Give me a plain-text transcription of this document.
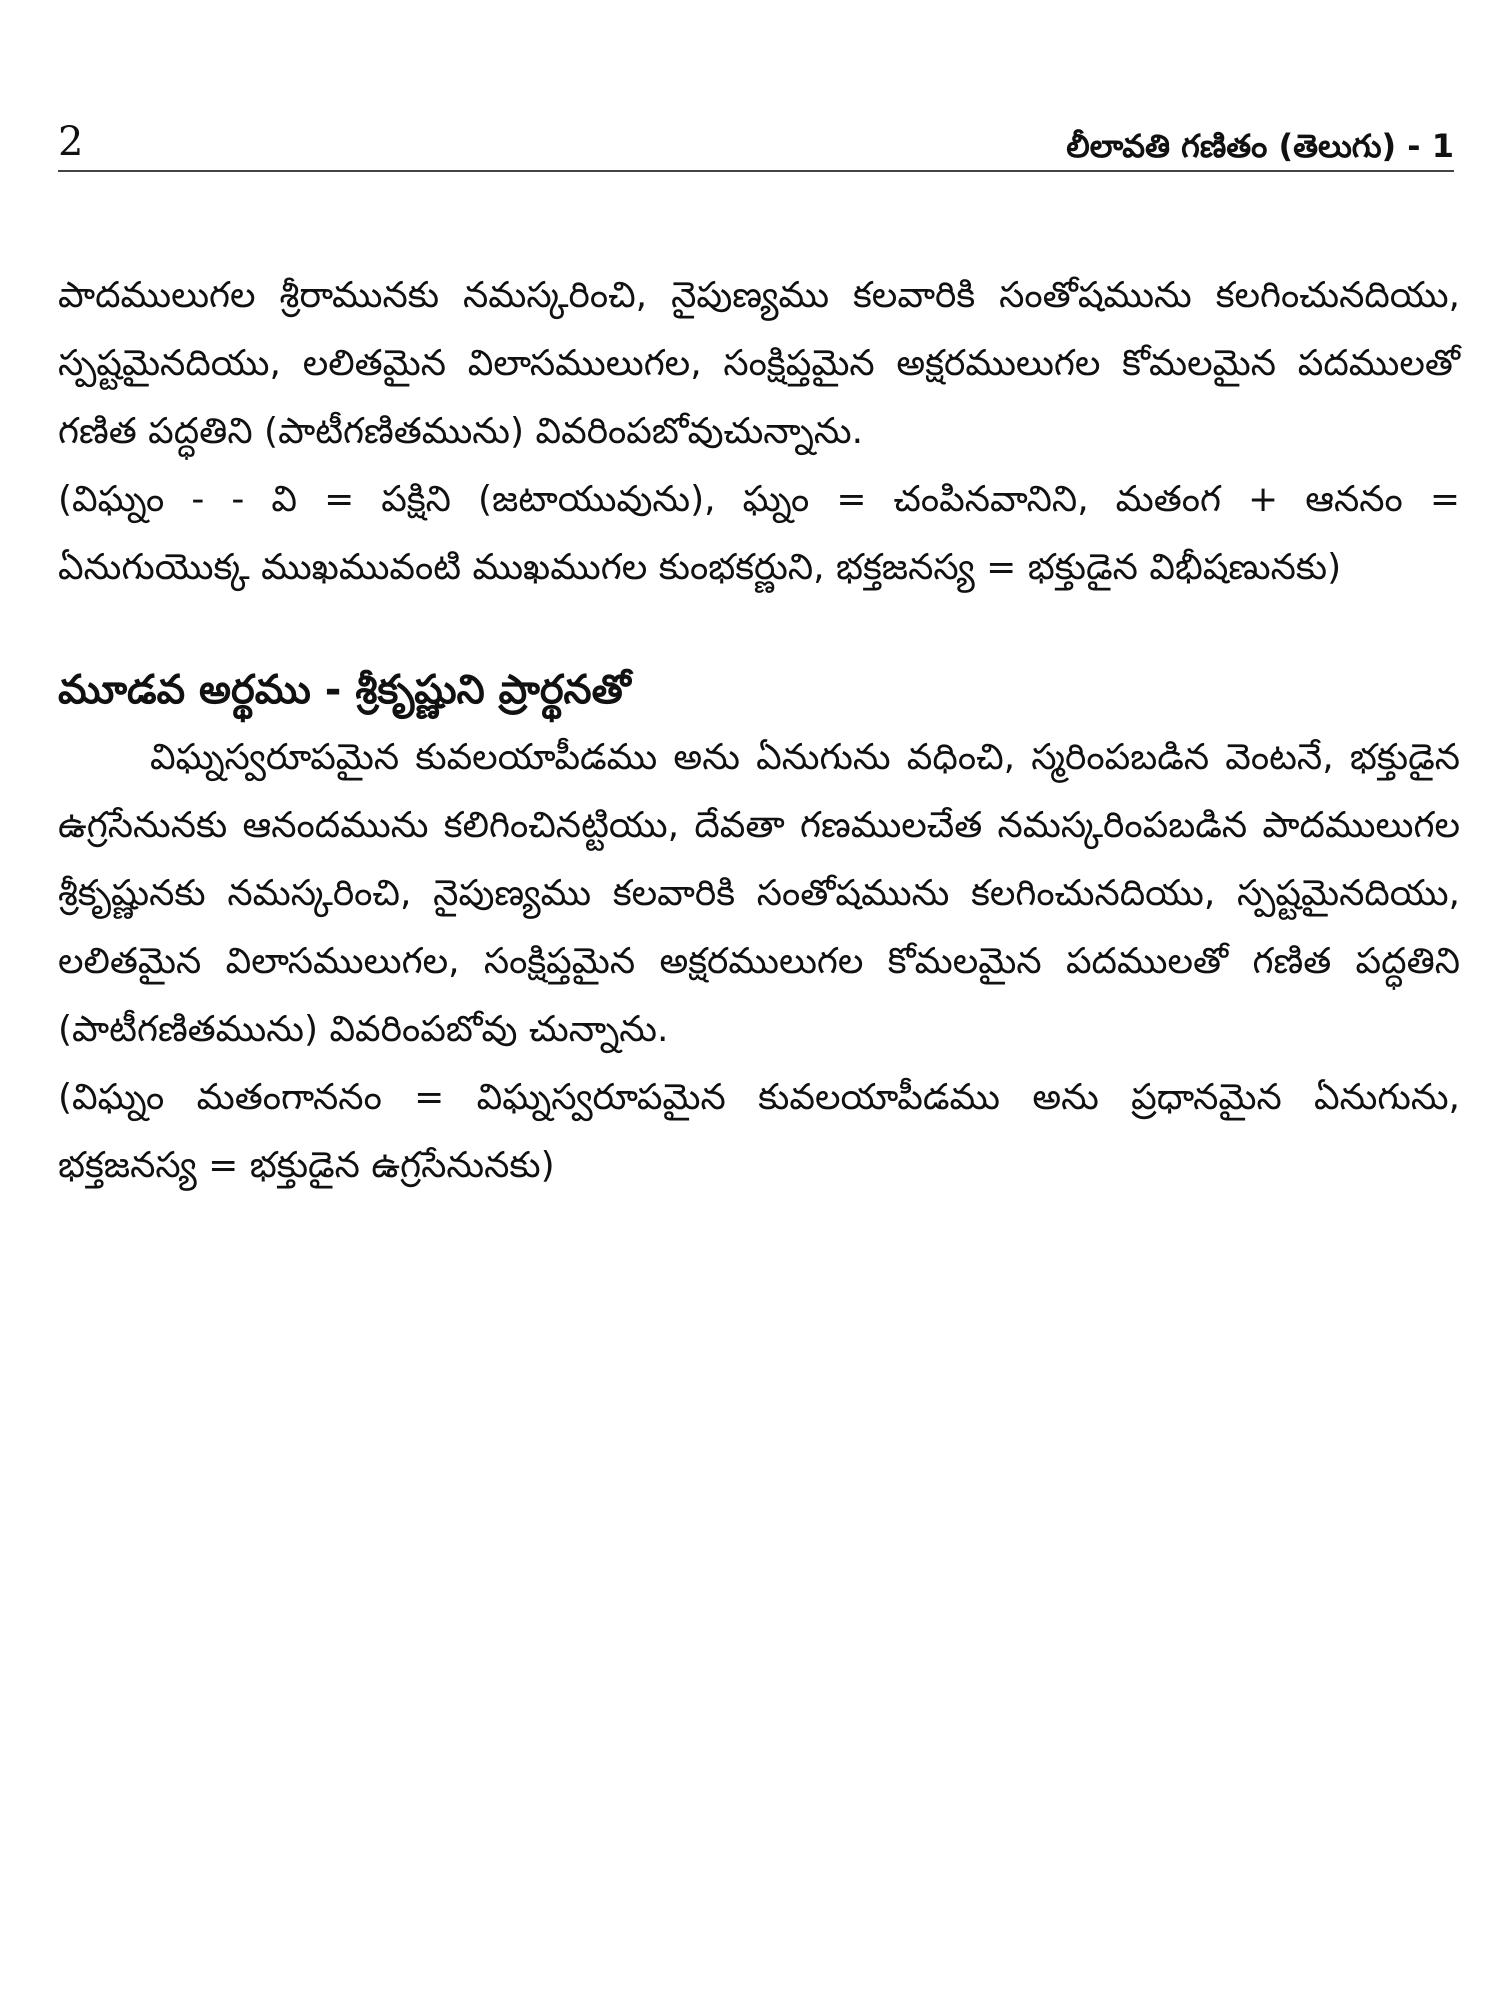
2	లీలావతి గణితం (తెలుగు) - 1

పాదములుగల శ్రీరామునకు నమస్కరించి, నైపుణ్యము కలవారికి సంతోషమును కలగించునదియు, స్పష్టమైనదియు, లలితమైన విలాసములుగల, సంక్షిప్తమైన అక్షరములుగల కోమలమైన పదములతో గణిత పద్ధతిని (పాటీగణితమును) వివరింపబోవుచున్నాను.

(విఘ్నం - - వి = పక్షిని (జటాయువును), ఘ్నం = చంపినవానిని, మతంగ + ఆననం = ఏనుగుయొక్క ముఖమువంటి ముఖముగల కుంభకర్ణుని, భక్తజనస్య = భక్తుడైన విభీషణునకు)

మూడవ అర్థము - శ్రీకృష్ణుని ప్రార్థనతో

విఘ్నస్వరూపమైన కువలయాపీడము అను ఏనుగును వధించి, స్మరింపబడిన వెంటనే, భక్తుడైన ఉగ్రసేనునకు ఆనందమును కలిగించినట్టియు, దేవతా గణములచేత నమస్కరింపబడిన పాదములుగల శ్రీకృష్ణునకు నమస్కరించి, నైపుణ్యము కలవారికి సంతోషమును కలగించునదియు, స్పష్టమైనదియు, లలితమైన విలాసములుగల, సంక్షిప్తమైన అక్షరములుగల కోమలమైన పదములతో గణిత పద్ధతిని (పాటీగణితమును) వివరింపబోవు చున్నాను.

(విఘ్నం మతంగాననం = విఘ్నస్వరూపమైన కువలయాపీడము అను ప్రధానమైన ఏనుగును, భక్తజనస్య = భక్తుడైన ఉగ్రసేనునకు)
